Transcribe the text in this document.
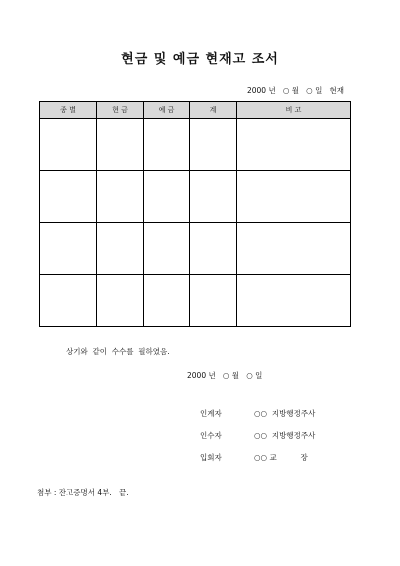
현금 및 예금 현재고 조서
2000 년   ○ 월   ○ 일   현재
종 별	현 금	예 금	계	비 고

상기와  같이  수수를  필하였음.
2000 년   ○ 월   ○ 일

인계자

	○○  지방행정주사

인수자

	○○  지방행정주사

입회자

	○○ 교          장

첨부 : 잔고증명서 4부.   끝.
